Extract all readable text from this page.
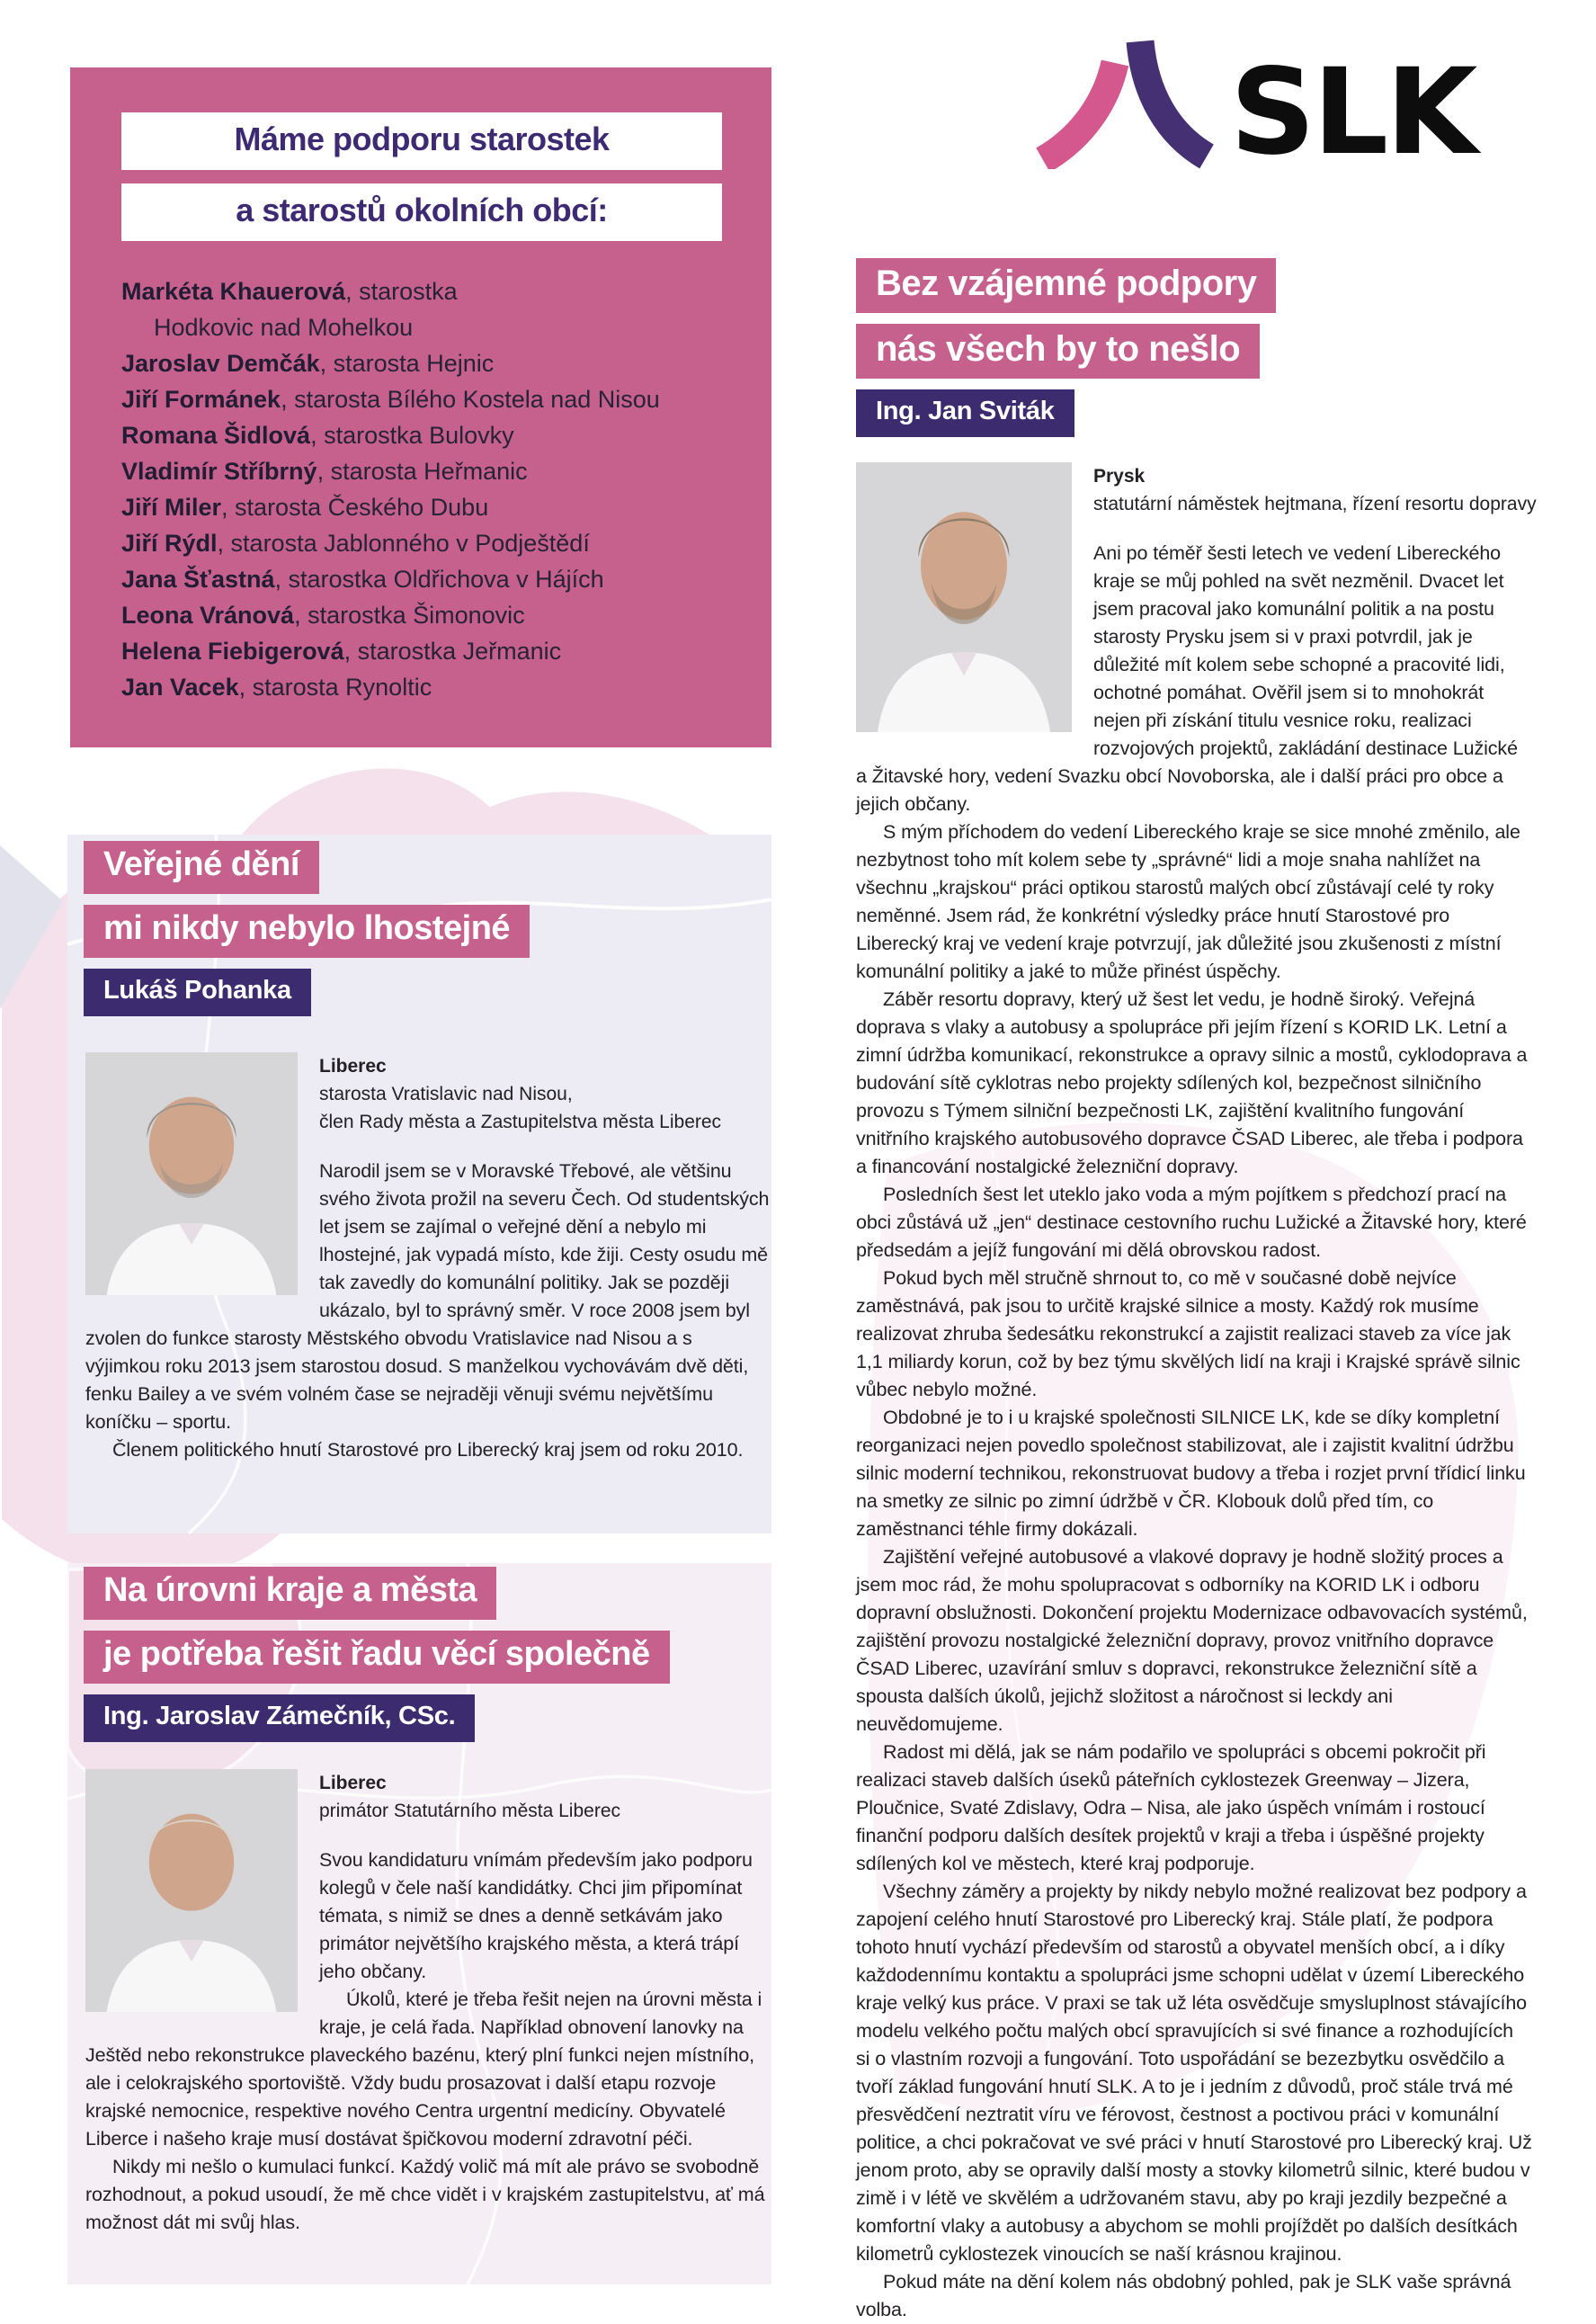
SLK
Máme podporu starostek
a starostů okolních obcí:
Markéta Khauerová, starostka
Hodkovic nad Mohelkou
Jaroslav Demčák, starosta Hejnic
Jiří Formánek, starosta Bílého Kostela nad Nisou
Romana Šidlová, starostka Bulovky
Vladimír Stříbrný, starosta Heřmanic
Jiří Miler, starosta Českého Dubu
Jiří Rýdl, starosta Jablonného v Podještědí
Jana Šťastná, starostka Oldřichova v Hájích
Leona Vránová, starostka Šimonovic
Helena Fiebigerová, starostka Jeřmanic
Jan Vacek, starosta Rynoltic
Bez vzájemné podpory
nás všech by to nešlo
Ing. Jan Sviták
Prysk
statutární náměstek hejtmana, řízení resortu dopravy

Ani po téměř šesti letech ve vedení Libereckého kraje se můj pohled na svět nezměnil. Dvacet let jsem pracoval jako komunální politik a na postu starosty Prysku jsem si v praxi potvrdil, jak je důležité mít kolem sebe schopné a pracovité lidi, ochotné pomáhat. Ověřil jsem si to mnohokrát nejen při získání titulu vesnice roku, realizaci rozvojových projektů, zakládání destinace Lužické a Žitavské hory, vedení Svazku obcí Novoborska, ale i další práci pro obce a jejich občany.

S mým příchodem do vedení Libereckého kraje se sice mnohé změnilo, ale nezbytnost toho mít kolem sebe ty „správné“ lidi a moje snaha nahlížet na všechnu „krajskou“ práci optikou starostů malých obcí zůstávají celé ty roky neměnné. Jsem rád, že konkrétní výsledky práce hnutí Starostové pro Liberecký kraj ve vedení kraje potvrzují, jak důležité jsou zkušenosti z místní komunální politiky a jaké to může přinést úspěchy.

Záběr resortu dopravy, který už šest let vedu, je hodně široký. Veřejná doprava s vlaky a autobusy a spolupráce při jejím řízení s KORID LK. Letní a zimní údržba komunikací, rekonstrukce a opravy silnic a mostů, cyklodoprava a budování sítě cyklotras nebo projekty sdílených kol, bezpečnost silničního provozu s Týmem silniční bezpečnosti LK, zajištění kvalitního fungování vnitřního krajského autobusového dopravce ČSAD Liberec, ale třeba i podpora a financování nostalgické železniční dopravy.

Posledních šest let uteklo jako voda a mým pojítkem s předchozí prací na obci zůstává už „jen“ destinace cestovního ruchu Lužické a Žitavské hory, které předsedám a jejíž fungování mi dělá obrovskou radost.

Pokud bych měl stručně shrnout to, co mě v současné době nejvíce zaměstnává, pak jsou to určitě krajské silnice a mosty. Každý rok musíme realizovat zhruba šedesátku rekonstrukcí a zajistit realizaci staveb za více jak 1,1 miliardy korun, což by bez týmu skvělých lidí na kraji i Krajské správě silnic vůbec nebylo možné.

Obdobné je to i u krajské společnosti SILNICE LK, kde se díky kompletní reorganizaci nejen povedlo společnost stabilizovat, ale i zajistit kvalitní údržbu silnic moderní technikou, rekonstruovat budovy a třeba i rozjet první třídicí linku na smetky ze silnic po zimní údržbě v ČR. Klobouk dolů před tím, co zaměstnanci téhle firmy dokázali.

Zajištění veřejné autobusové a vlakové dopravy je hodně složitý proces a jsem moc rád, že mohu spolupracovat s odborníky na KORID LK i odboru dopravní obslužnosti. Dokončení projektu Modernizace odbavovacích systémů, zajištění provozu nostalgické železniční dopravy, provoz vnitřního dopravce ČSAD Liberec, uzavírání smluv s dopravci, rekonstrukce železniční sítě a spousta dalších úkolů, jejichž složitost a náročnost si leckdy ani neuvědomujeme.

Radost mi dělá, jak se nám podařilo ve spolupráci s obcemi pokročit při realizaci staveb dalších úseků páteřních cyklostezek Greenway – Jizera, Ploučnice, Svaté Zdislavy, Odra – Nisa, ale jako úspěch vnímám i rostoucí finanční podporu dalších desítek projektů v kraji a třeba i úspěšné projekty sdílených kol ve městech, které kraj podporuje.

Všechny záměry a projekty by nikdy nebylo možné realizovat bez podpory a zapojení celého hnutí Starostové pro Liberecký kraj. Stále platí, že podpora tohoto hnutí vychází především od starostů a obyvatel menších obcí, a i díky každodennímu kontaktu a spolupráci jsme schopni udělat v území Libereckého kraje velký kus práce. V praxi se tak už léta osvědčuje smysluplnost stávajícího modelu velkého počtu malých obcí spravujících si své finance a rozhodujících si o vlastním rozvoji a fungování. Toto uspořádání se bezezbytku osvědčilo a tvoří základ fungování hnutí SLK. A to je i jedním z důvodů, proč stále trvá mé přesvědčení neztratit víru ve férovost, čestnost a poctivou práci v komunální politice, a chci pokračovat ve své práci v hnutí Starostové pro Liberecký kraj. Už jenom proto, aby se opravily další mosty a stovky kilometrů silnic, které budou v zimě i v létě ve skvělém a udržovaném stavu, aby po kraji jezdily bezpečné a komfortní vlaky a autobusy a abychom se mohli projíždět po dalších desítkách kilometrů cyklostezek vinoucích se naší krásnou krajinou.

Pokud máte na dění kolem nás obdobný pohled, pak je SLK vaše správná volba.

Veřejné dění
mi nikdy nebylo lhostejné
Lukáš Pohanka
Liberec
starosta Vratislavic nad Nisou,
člen Rady města a Zastupitelstva města Liberec

Narodil jsem se v Moravské Třebové, ale většinu svého života prožil na severu Čech. Od studentských let jsem se zajímal o veřejné dění a nebylo mi lhostejné, jak vypadá místo, kde žiji. Cesty osudu mě tak zavedly do komunální politiky. Jak se později ukázalo, byl to správný směr. V roce 2008 jsem byl zvolen do funkce starosty Městského obvodu Vratislavice nad Nisou a s výjimkou roku 2013 jsem starostou dosud. S manželkou vychovávám dvě děti, fenku Bailey a ve svém volném čase se nejraději věnuji svému největšímu koníčku – sportu.

Členem politického hnutí Starostové pro Liberecký kraj jsem od roku 2010.

Na úrovni kraje a města
je potřeba řešit řadu věcí společně
Ing. Jaroslav Zámečník, CSc.
Liberec
primátor Statutárního města Liberec

Svou kandidaturu vnímám především jako podporu kolegů v čele naší kandidátky. Chci jim připomínat témata, s nimiž se dnes a denně setkávám jako primátor největšího krajského města, a která trápí jeho občany.

Úkolů, které je třeba řešit nejen na úrovni města i kraje, je celá řada. Například obnovení lanovky na Ještěd nebo rekonstrukce plaveckého bazénu, který plní funkci nejen místního, ale i celokrajského sportoviště. Vždy budu prosazovat i další etapu rozvoje krajské nemocnice, respektive nového Centra urgentní medicíny. Obyvatelé Liberce i našeho kraje musí dostávat špičkovou moderní zdravotní péči.

Nikdy mi nešlo o kumulaci funkcí. Každý volič má mít ale právo se svobodně rozhodnout, a pokud usoudí, že mě chce vidět i v krajském zastupitelstvu, ať má možnost dát mi svůj hlas.
